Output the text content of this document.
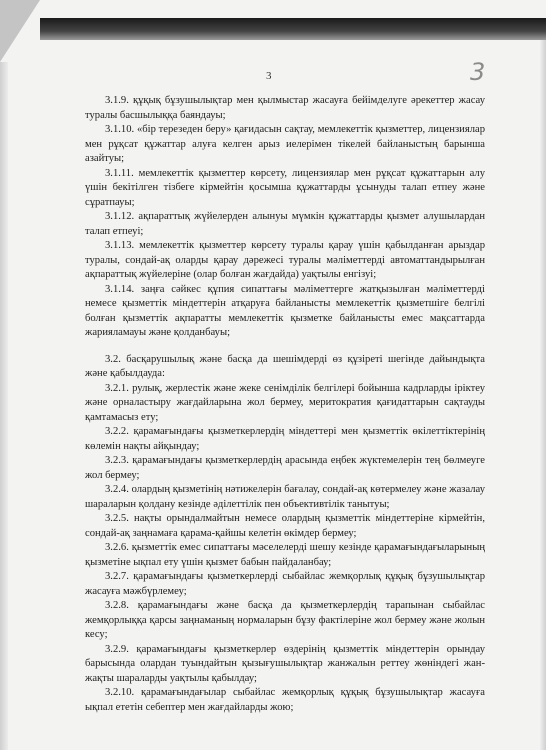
3	3

3.1.9. құқық бұзушылықтар мен қылмыстар жасауға бейімделуге әрекеттер жасау туралы басшылыққа баяндауы;

3.1.10. «бір терезеден беру» қағидасын сақтау, мемлекеттік қызметтер, лицензиялар мен рұқсат құжаттар алуға келген арыз иелерімен тікелей байланыстың барынша азайтуы;

3.1.11. мемлекеттік қызметтер көрсету, лицензиялар мен рұқсат құжаттарын алу үшін бекітілген тізбеге кірмейтін қосымша құжаттарды ұсынуды талап етпеу және сұратпауы;

3.1.12. ақпараттық жүйелерден алынуы мүмкін құжаттарды қызмет алушылардан талап етпеуі;

3.1.13. мемлекеттік қызметтер көрсету туралы қарау үшін қабылданған арыздар туралы, сондай-ақ оларды қарау дәрежесі туралы мәліметтерді автоматтандырылған ақпараттық жүйелеріне (олар болған жағдайда) уақтылы енгізуі;

3.1.14. заңға сәйкес құпия сипаттағы мәліметтерге жатқызылған мәліметтерді немесе қызметтік міндеттерін атқаруға байланысты мемлекеттік қызметшіге белгілі болған қызметтік ақпаратты мемлекеттік қызметке байланысты емес мақсаттарда жарияламауы және қолданбауы;

3.2. басқарушылық және басқа да шешімдерді өз құзіреті шегінде дайындықта және қабылдауда:

3.2.1. рулық, жерлестік және жеке сенімділік белгілері бойынша кадрларды іріктеу және орналастыру жағдайларына жол бермеу, меритократия қағидаттарын сақтауды қамтамасыз ету;

3.2.2. қарамағындағы қызметкерлердің міндеттері мен қызметтік өкілеттіктерінің көлемін нақты айқындау;

3.2.3. қарамағындағы қызметкерлердің арасында еңбек жүктемелерін тең бөлмеуге жол бермеу;

3.2.4. олардың қызметінің нәтижелерін бағалау, сондай-ақ көтермелеу және жазалау шараларын қолдану кезінде әділеттілік пен объективтілік танытуы;

3.2.5. нақты орындалмайтын немесе олардың қызметтік міндеттеріне кірмейтін, сондай-ақ заңнамаға қарама-қайшы келетін өкімдер бермеу;

3.2.6. қызметтік емес сипаттағы мәселелерді шешу кезінде қарамағындағыларының қызметіне ықпал ету үшін қызмет бабын пайдаланбау;

3.2.7. қарамағындағы қызметкерлерді сыбайлас жемқорлық құқық бұзушылықтар жасауға мәжбүрлемеу;

3.2.8. қарамағындағы және басқа да қызметкерлердің тарапынан сыбайлас жемқорлыққа қарсы заңнаманың нормаларын бұзу фактілеріне жол бермеу және жолын кесу;

3.2.9. қарамағындағы қызметкерлер өздерінің қызметтік міндеттерін орындау барысында олардан туындайтын қызығушылықтар жанжалын реттеу жөніндегі жан-жақты шараларды уақтылы қабылдау;

3.2.10. қарамағындағылар сыбайлас жемқорлық құқық бұзушылықтар жасауға ықпал ететін себептер мен жағдайларды жою;
